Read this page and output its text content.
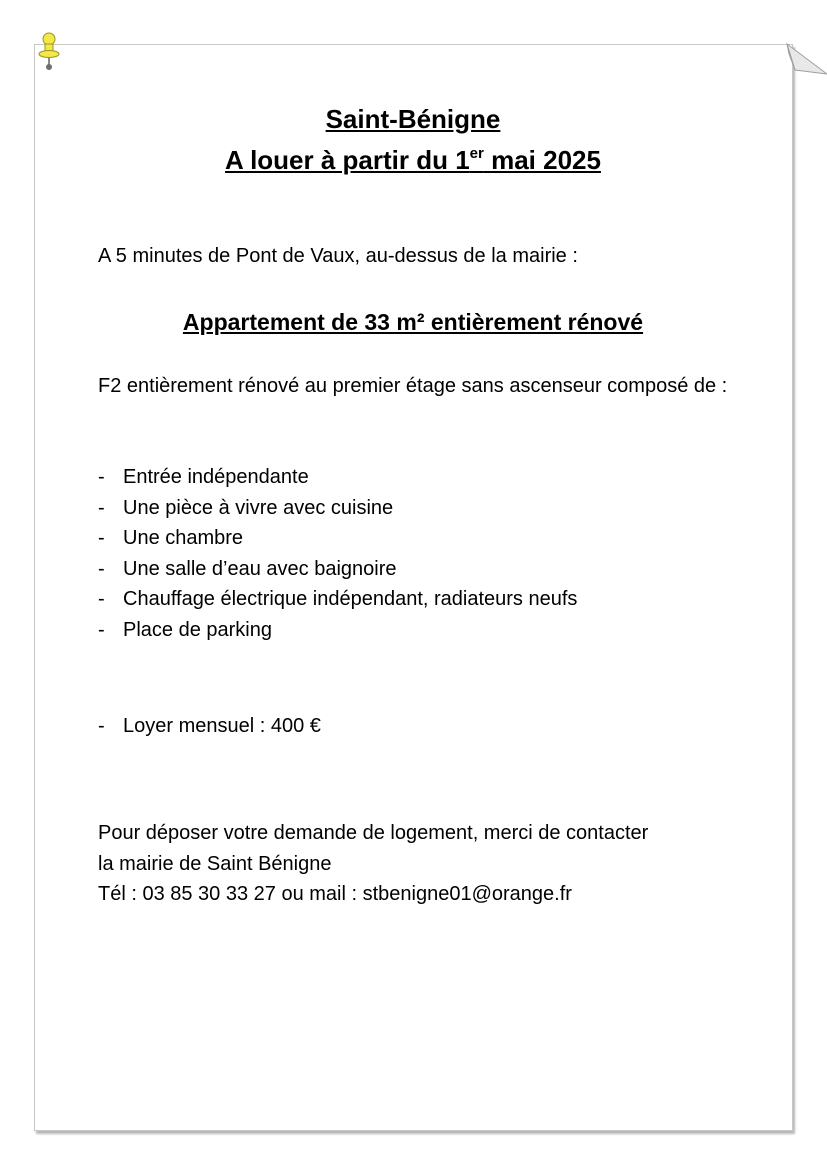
Saint-Bénigne
A louer à partir du 1er mai 2025
A 5 minutes de Pont de Vaux, au-dessus de la mairie :
Appartement de 33 m² entièrement rénové
F2 entièrement rénové au premier étage sans ascenseur composé de :
- Entrée indépendante
- Une pièce à vivre avec cuisine
- Une chambre
- Une salle d’eau avec baignoire
- Chauffage électrique indépendant, radiateurs neufs
- Place de parking
- Loyer mensuel : 400 €
Pour déposer votre demande de logement, merci de contacter
la mairie de Saint Bénigne
Tél : 03 85 30 33 27 ou mail : stbenigne01@orange.fr
